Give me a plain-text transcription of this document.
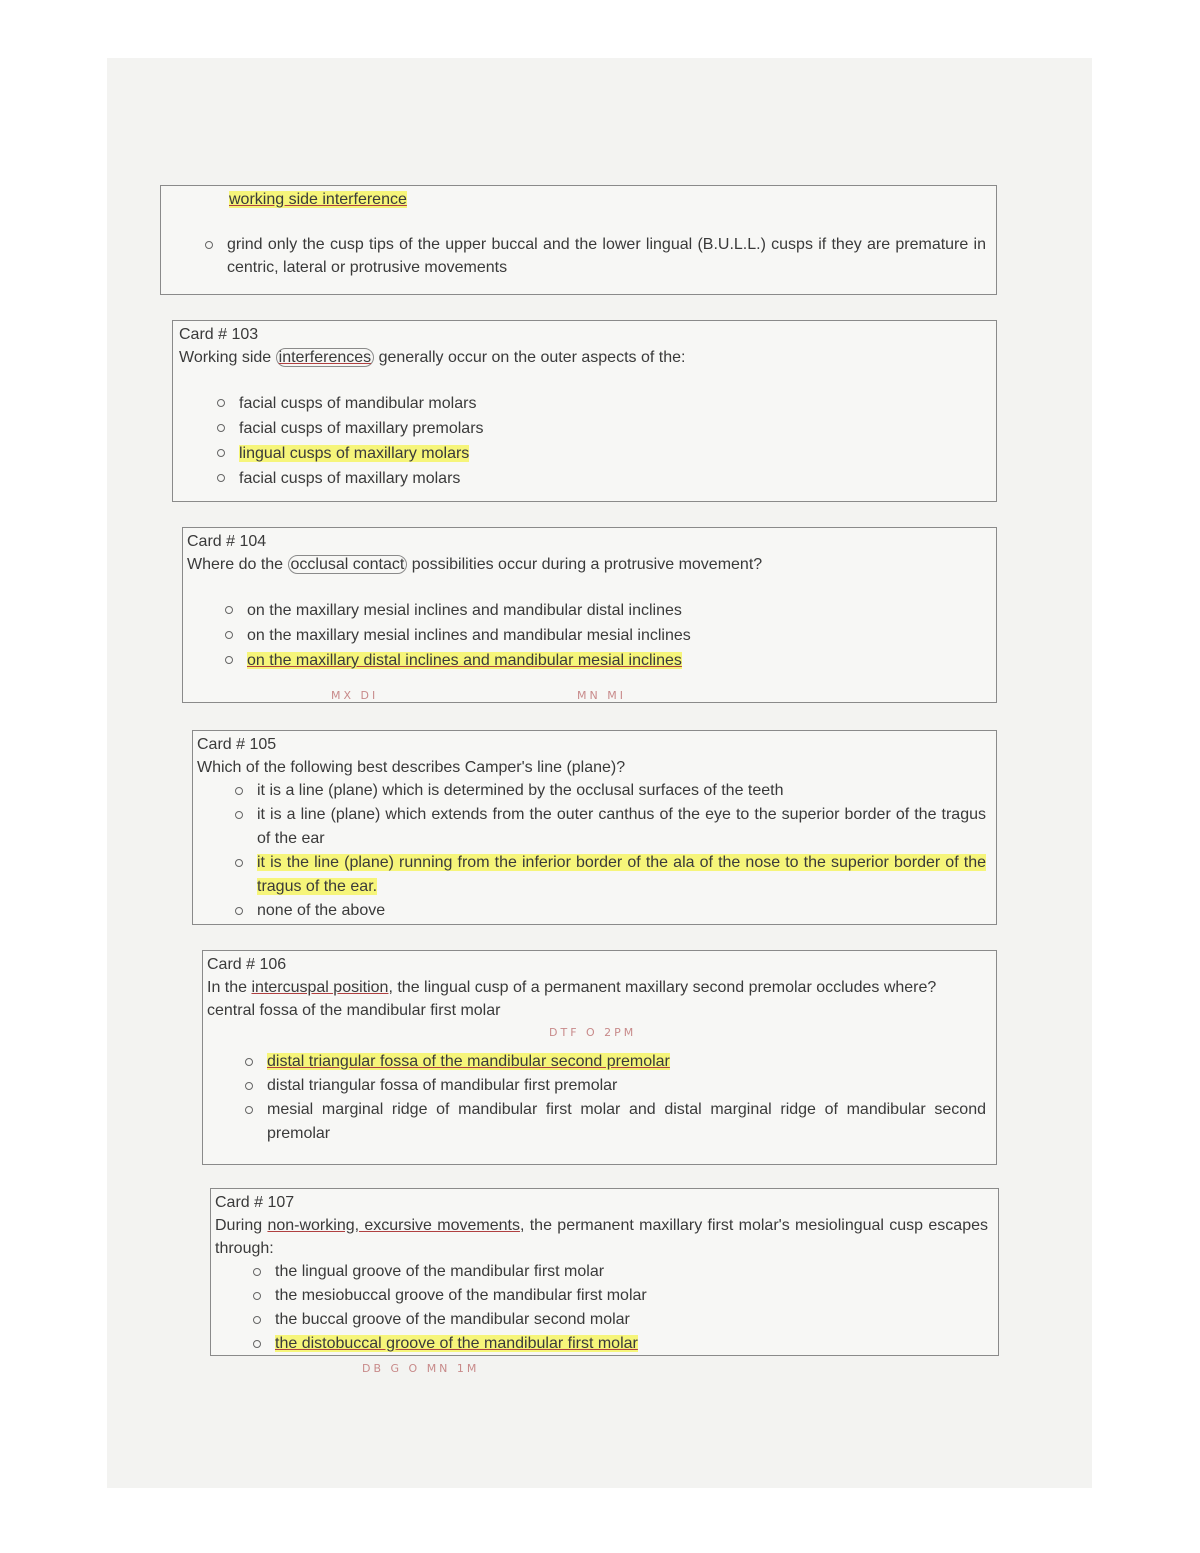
working side interference
grind only the cusp tips of the upper buccal and the lower lingual (B.U.L.L.) cusps if they are premature in centric, lateral or protrusive movements
Card # 103
Working side interferences generally occur on the outer aspects of the:
facial cusps of mandibular molars
facial cusps of maxillary premolars
lingual cusps of maxillary molars
facial cusps of maxillary molars
Card # 104
Where do the occlusal contact possibilities occur during a protrusive movement?
on the maxillary mesial inclines and mandibular distal inclines
on the maxillary mesial inclines and mandibular mesial inclines
on the maxillary distal inclines and mandibular mesial inclines
MX DI	MN MI
Card # 105
Which of the following best describes Camper's line (plane)?
it is a line (plane) which is determined by the occlusal surfaces of the teeth
it is a line (plane) which extends from the outer canthus of the eye to the superior border of the tragus of the ear
it is the line (plane) running from the inferior border of the ala of the nose to the superior border of the tragus of the ear.
none of the above
Card # 106
In the intercuspal position, the lingual cusp of a permanent maxillary second premolar occludes where?
central fossa of the mandibular first molar
DTF O 2PM
distal triangular fossa of the mandibular second premolar
distal triangular fossa of mandibular first premolar
mesial marginal ridge of mandibular first molar and distal marginal ridge of mandibular second premolar
Card # 107
During non-working, excursive movements, the permanent maxillary first molar's mesiolingual cusp escapes through:
the lingual groove of the mandibular first molar
the mesiobuccal groove of the mandibular first molar
the buccal groove of the mandibular second molar
the distobuccal groove of the mandibular first molar
DB G O MN 1M
